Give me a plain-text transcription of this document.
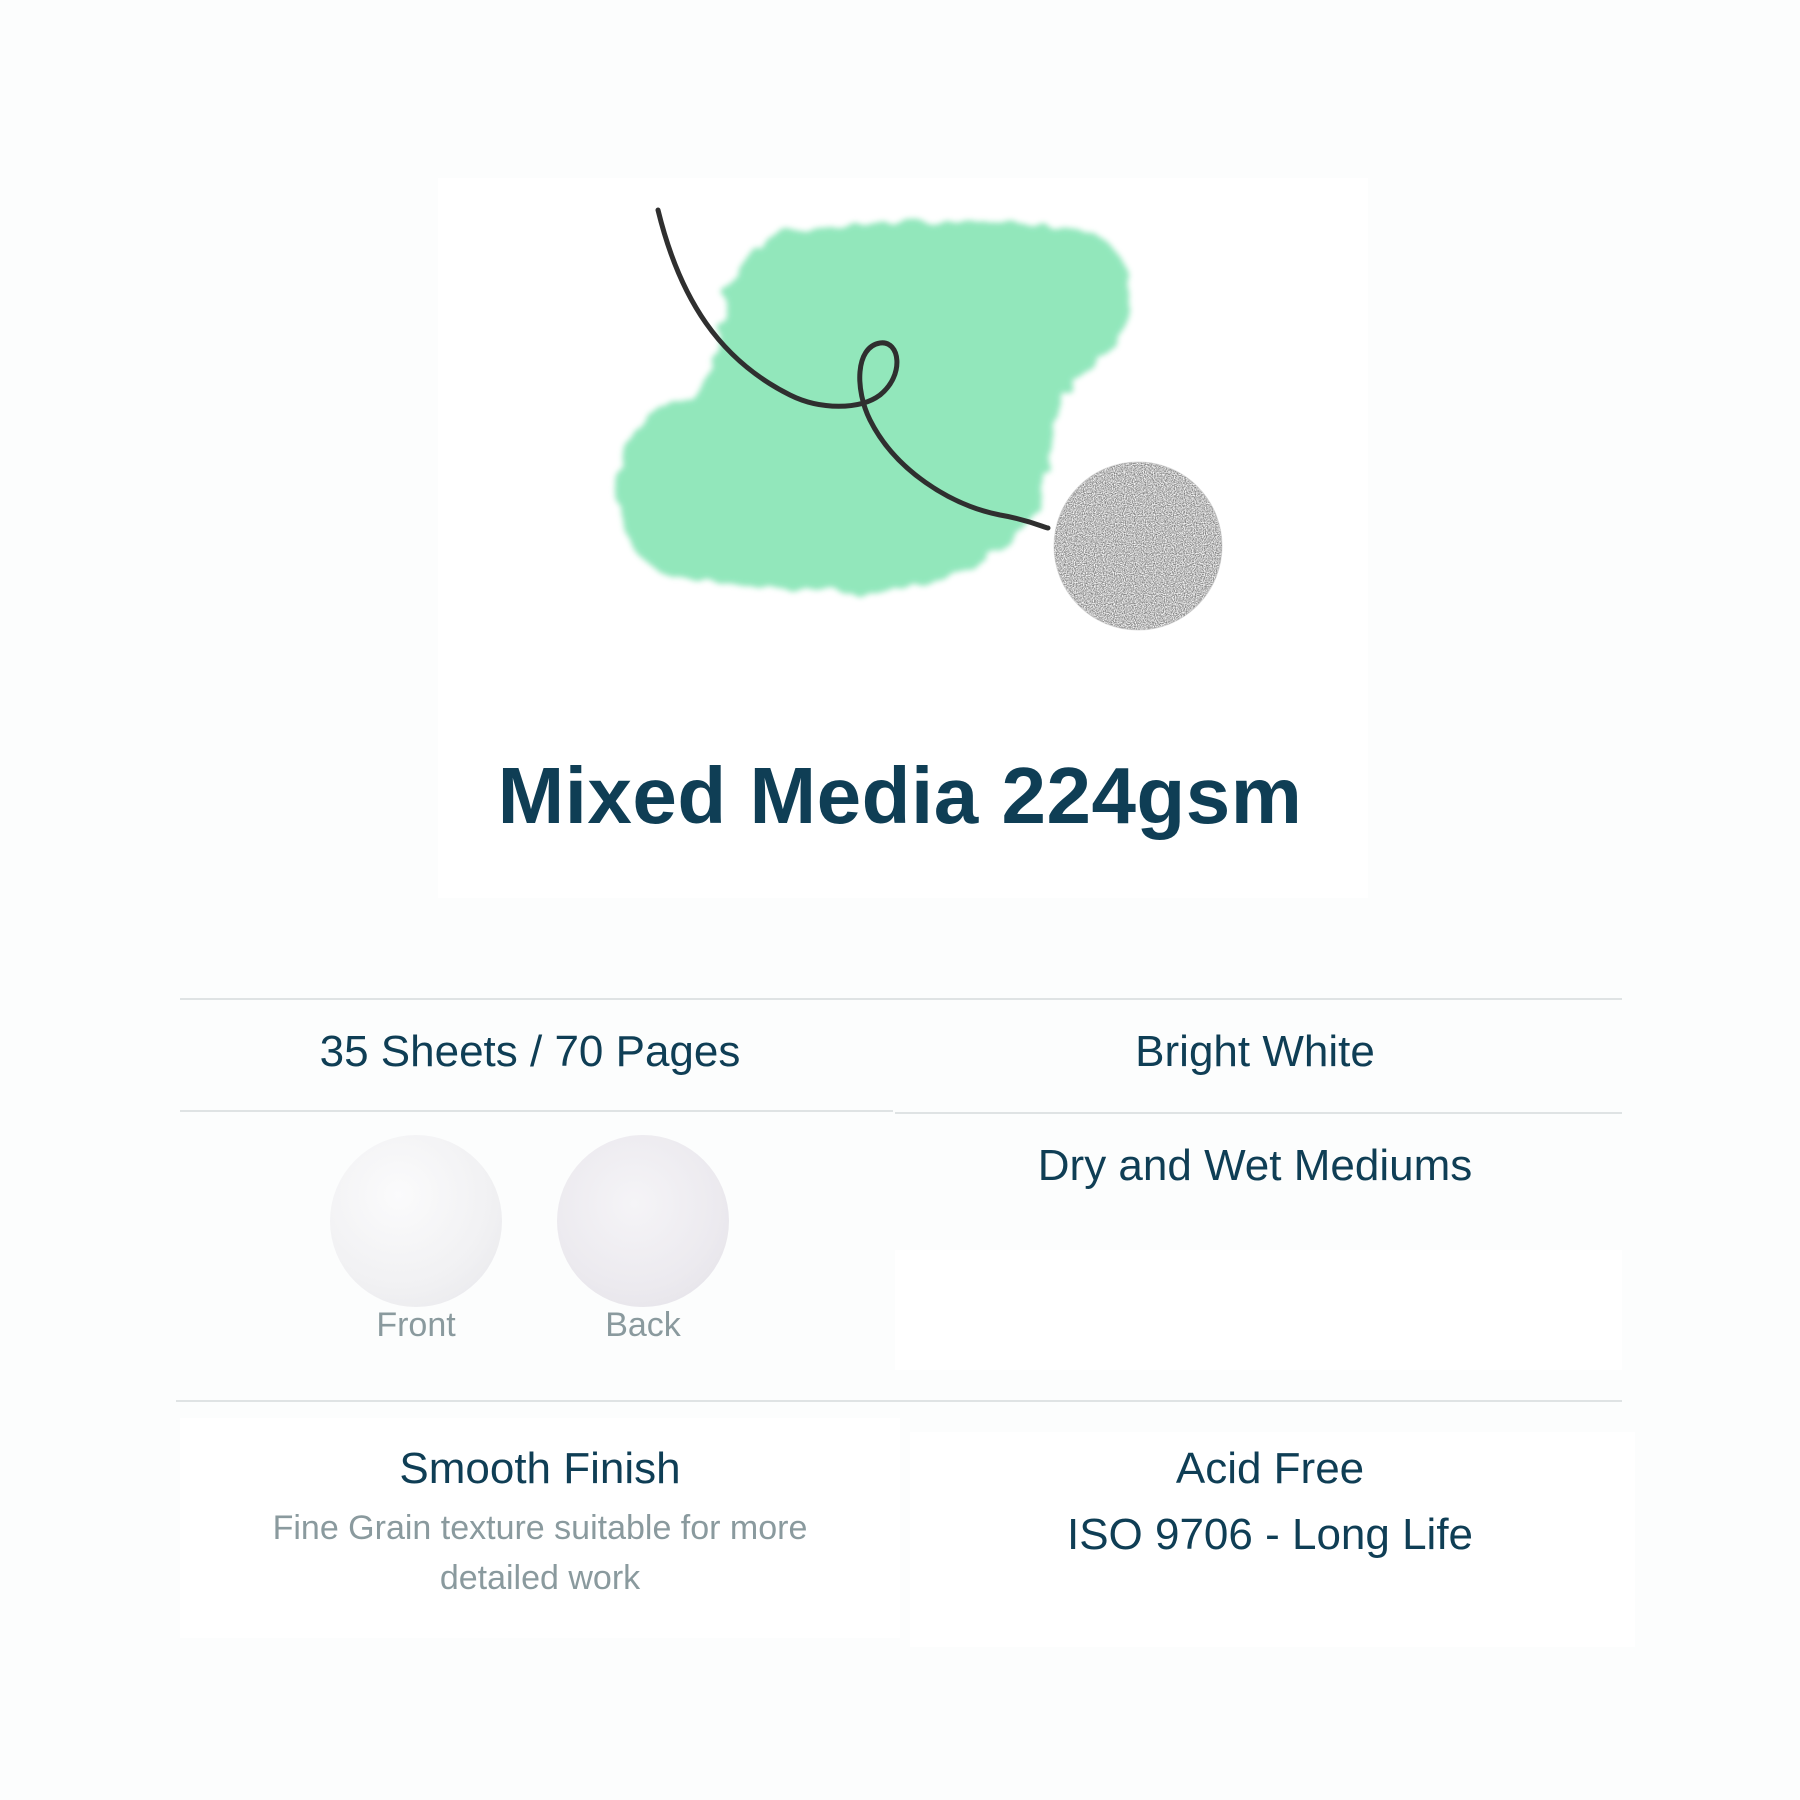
Mixed Media 224gsm

35 Sheets / 70 Pages	Bright White

Front	Back

Dry and Wet Mediums

Smooth Finish

Fine Grain texture suitable for more detailed work

Acid Free

ISO 9706 - Long Life
